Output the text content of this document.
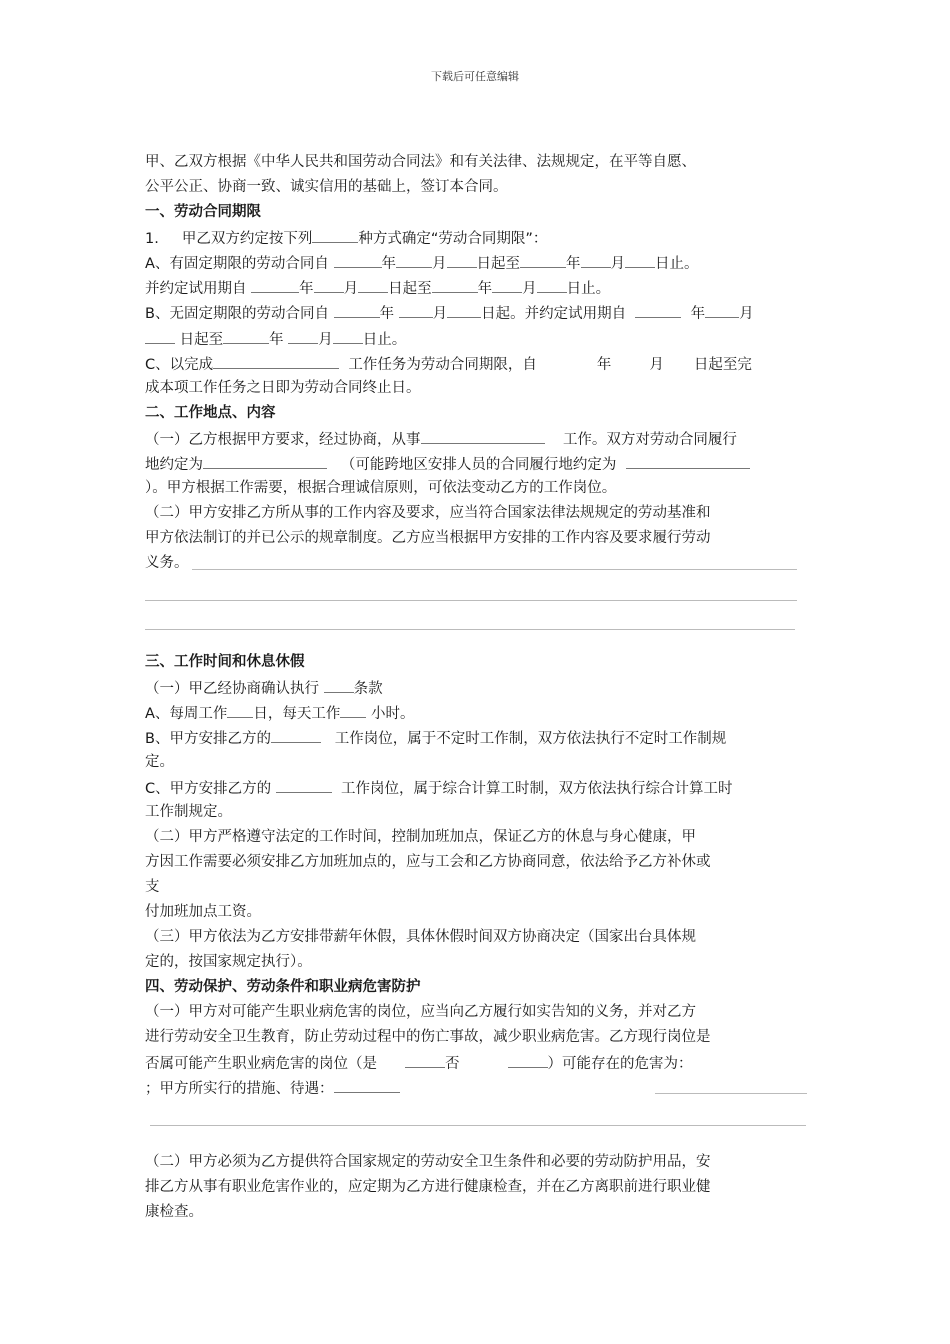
下载后可任意编辑
甲、乙双方根据《中华人民共和国劳动合同法》和有关法律、法规规定，在平等自愿、
公平公正、协商一致、诚实信用的基础上，签订本合同。
一、劳动合同期限
1. 甲乙双方约定按下列	种方式确定“劳动合同期限”：
A、有固定期限的劳动合同自	年 月 日起至	年 月 日止。
并约定试用期自	年 月 日起至	年 月 日止。
B、无固定期限的劳动合同自	年	月 日起。并约定试用期自	年 月
日起至	年 月 日止。
C、以完成	工作任务为劳动合同期限，自	年	月 日起至完
成本项工作任务之日即为劳动合同终止日。
二、工作地点、内容
（一）乙方根据甲方要求，经过协商，从事	工作。双方对劳动合同履行
地约定为	（可能跨地区安排人员的合同履行地约定为
）。甲方根据工作需要，根据合理诚信原则，可依法变动乙方的工作岗位。
（二）甲方安排乙方所从事的工作内容及要求，应当符合国家法律法规规定的劳动基准和
甲方依法制订的并已公示的规章制度。乙方应当根据甲方安排的工作内容及要求履行劳动
义务。
三、工作时间和休息休假
（一）甲乙经协商确认执行 条款
A、每周工作 日，每天工作 小时。
B、甲方安排乙方的	工作岗位，属于不定时工作制，双方依法执行不定时工作制规
定。
C、甲方安排乙方的	工作岗位，属于综合计算工时制，双方依法执行综合计算工时
工作制规定。
（二）甲方严格遵守法定的工作时间，控制加班加点，保证乙方的休息与身心健康，甲
方因工作需要必须安排乙方加班加点的，应与工会和乙方协商同意，依法给予乙方补休或
支
付加班加点工资。
（三）甲方依法为乙方安排带薪年休假，具体休假时间双方协商决定（国家出台具体规
定的，按国家规定执行）。
四、劳动保护、劳动条件和职业病危害防护
（一）甲方对可能产生职业病危害的岗位，应当向乙方履行如实告知的义务，并对乙方
进行劳动安全卫生教育，防止劳动过程中的伤亡事故，减少职业病危害。乙方现行岗位是
否属可能产生职业病危害的岗位（是	否	）可能存在的危害为：
；甲方所实行的措施、待遇：
（二）甲方必须为乙方提供符合国家规定的劳动安全卫生条件和必要的劳动防护用品，安
排乙方从事有职业危害作业的，应定期为乙方进行健康检查，并在乙方离职前进行职业健
康检查。
